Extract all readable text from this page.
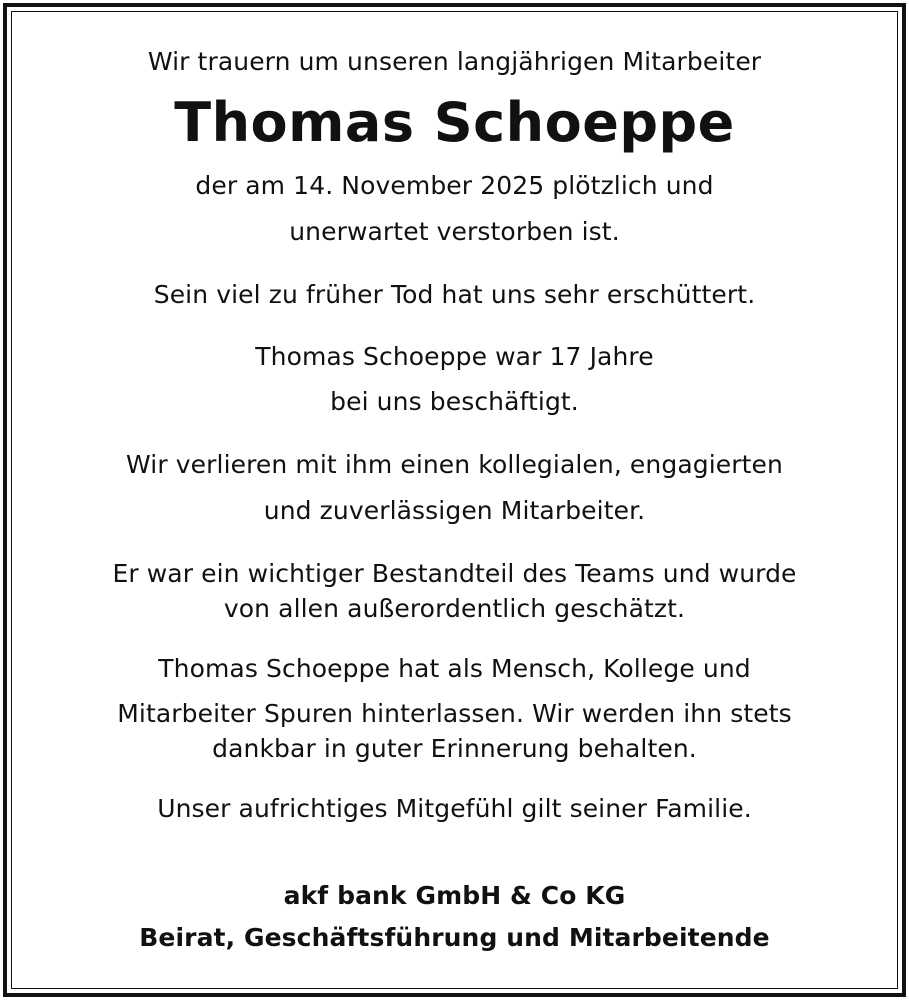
Wir trauern um unseren langjährigen Mitarbeiter
Thomas Schoeppe
der am 14. November 2025 plötzlich und
unerwartet verstorben ist.
Sein viel zu früher Tod hat uns sehr erschüttert.
Thomas Schoeppe war 17 Jahre
bei uns beschäftigt.
Wir verlieren mit ihm einen kollegialen, engagierten
und zuverlässigen Mitarbeiter.
Er war ein wichtiger Bestandteil des Teams und wurde
von allen außerordentlich geschätzt.
Thomas Schoeppe hat als Mensch, Kollege und
Mitarbeiter Spuren hinterlassen. Wir werden ihn stets
dankbar in guter Erinnerung behalten.
Unser aufrichtiges Mitgefühl gilt seiner Familie.
akf bank GmbH & Co KG
Beirat, Geschäftsführung und Mitarbeitende
